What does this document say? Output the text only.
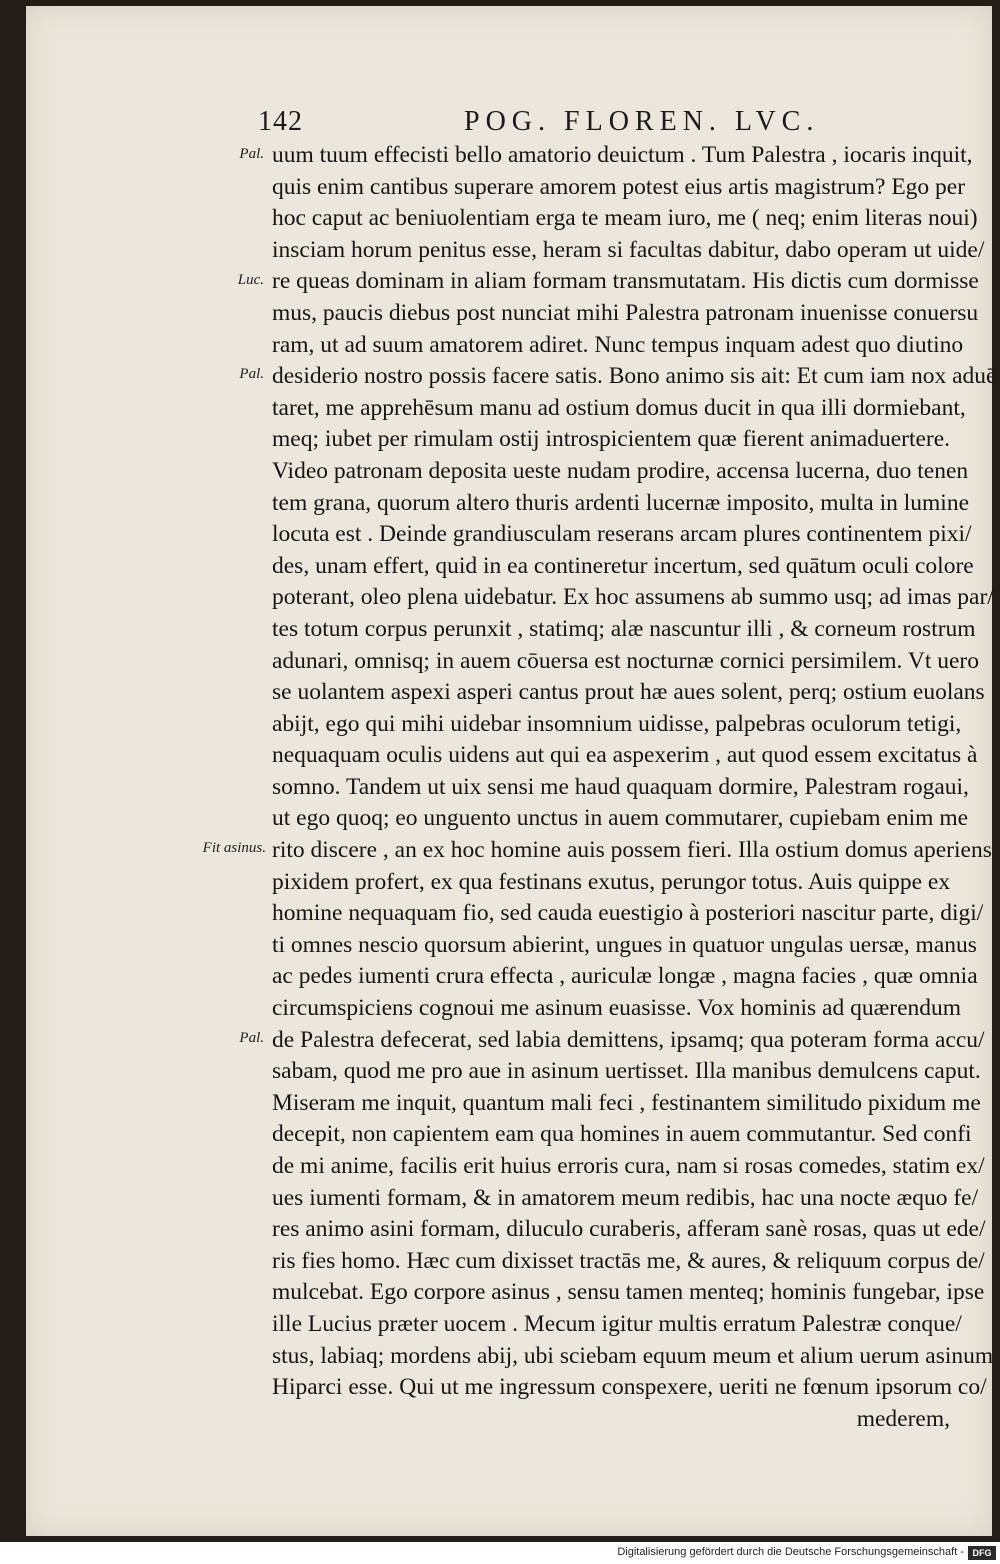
142	POG. FLOREN. LVC.
Pal.
Luc.
Pal.
Fit asinus.
Pal.
uum tuum effecisti bello amatorio deuictum . Tum Palestra , iocaris inquit,
quis enim cantibus superare amorem potest eius artis magistrum? Ego per
hoc caput ac beniuolentiam erga te meam iuro, me ( neq; enim literas noui)
insciam horum penitus esse, heram si facultas dabitur, dabo operam ut uide/
re queas dominam in aliam formam transmutatam. His dictis cum dormisse
mus, paucis diebus post nunciat mihi Palestra patronam inuenisse conuersu
ram, ut ad suum amatorem adiret. Nunc tempus inquam adest quo diutino
desiderio nostro possis facere satis. Bono animo sis ait: Et cum iam nox aduē
taret, me apprehēsum manu ad ostium domus ducit in qua illi dormiebant,
meq; iubet per rimulam ostij introspicientem quæ fierent animaduertere.
Video patronam deposita ueste nudam prodire, accensa lucerna, duo tenen
tem grana, quorum altero thuris ardenti lucernæ imposito, multa in lumine
locuta est . Deinde grandiusculam reserans arcam plures continentem pixi/
des, unam effert, quid in ea contineretur incertum, sed quātum oculi colore
poterant, oleo plena uidebatur. Ex hoc assumens ab summo usq; ad imas par/
tes totum corpus perunxit , statimq; alæ nascuntur illi , & corneum rostrum
adunari, omnisq; in auem cōuersa est nocturnæ cornici persimilem. Vt uero
se uolantem aspexi asperi cantus prout hæ aues solent, perq; ostium euolans
abijt, ego qui mihi uidebar insomnium uidisse, palpebras oculorum tetigi,
nequaquam oculis uidens aut qui ea aspexerim , aut quod essem excitatus à
somno. Tandem ut uix sensi me haud quaquam dormire, Palestram rogaui,
ut ego quoq; eo unguento unctus in auem commutarer, cupiebam enim me
rito discere , an ex hoc homine auis possem fieri. Illa ostium domus aperiens
pixidem profert, ex qua festinans exutus, perungor totus. Auis quippe ex
homine nequaquam fio, sed cauda euestigio à posteriori nascitur parte, digi/
ti omnes nescio quorsum abierint, ungues in quatuor ungulas uersæ, manus
ac pedes iumenti crura effecta , auriculæ longæ , magna facies , quæ omnia
circumspiciens cognoui me asinum euasisse. Vox hominis ad quærendum
de Palestra defecerat, sed labia demittens, ipsamq; qua poteram forma accu/
sabam, quod me pro aue in asinum uertisset. Illa manibus demulcens caput.
Miseram me inquit, quantum mali feci , festinantem similitudo pixidum me
decepit, non capientem eam qua homines in auem commutantur. Sed confi
de mi anime, facilis erit huius erroris cura, nam si rosas comedes, statim ex/
ues iumenti formam, & in amatorem meum redibis, hac una nocte æquo fe/
res animo asini formam, diluculo curaberis, afferam sanè rosas, quas ut ede/
ris fies homo. Hæc cum dixisset tractās me, & aures, & reliquum corpus de/
mulcebat. Ego corpore asinus , sensu tamen menteq; hominis fungebar, ipse
ille Lucius præter uocem . Mecum igitur multis erratum Palestræ conque/
stus, labiaq; mordens abij, ubi sciebam equum meum et alium uerum asinum
Hiparci esse. Qui ut me ingressum conspexere, ueriti ne fœnum ipsorum co/
mederem,
Digitalisierung gefördert durch die Deutsche Forschungsgemeinschaft - DFG
